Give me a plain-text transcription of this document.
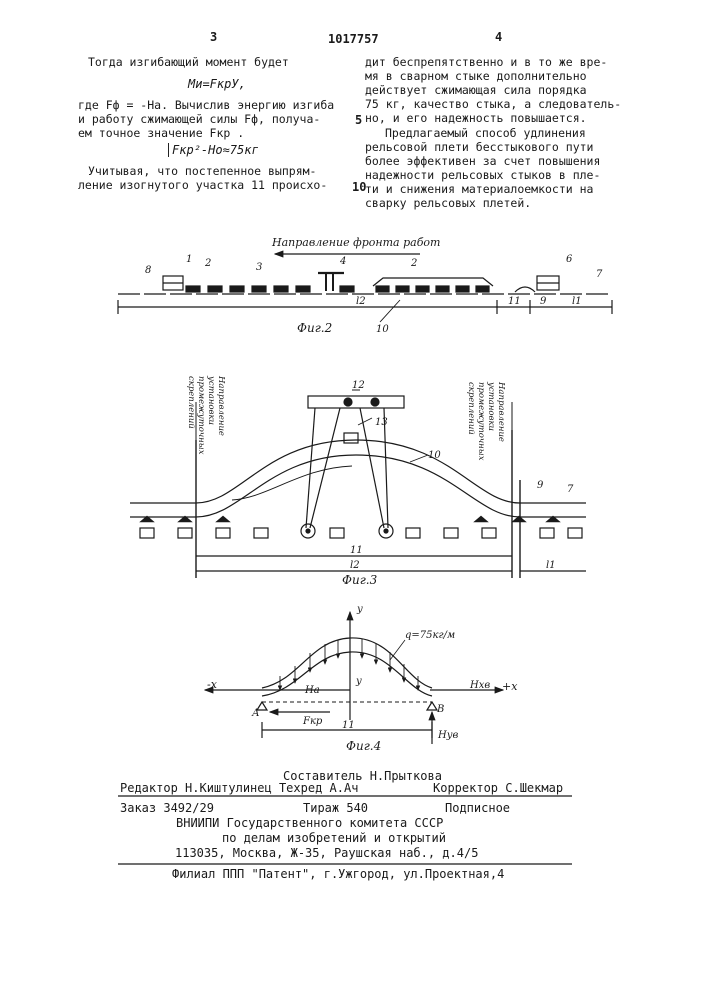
3	1017757	4
Тогда изгибающий момент будет
Mи=FкрУ,
где Fф = -На. Вычислив энергию изгиба
и работу сжимающей силы Fф, получа-
ем точное значение Fкр .
Fкр²-Hо≈75кг
Учитывая, что постепенное выпрям-
ление изогнутого участка 11 происхо-
5
10
дит беспрепятственно и в то же вре-
мя в сварном стыке дополнительно
действует сжимающая сила порядка
75 кг, качество стыка, а следователь-
но, и его надежность повышается.
Предлагаемый способ удлинения
рельсовой плети бесстыкового пути
более эффективен за счет повышения
надежности рельсовых стыков в пле-
ти и снижения материалоемкости на
сварку рельсовых плетей.
Направление фронта работ
8
1 2	3
4	2	6
7
11 9	l1
l2
10
Фиг.2
12
13
10
9 7
11
l2	l1
Фиг.3
y
q=75кг/м
-x	+x
у
На	Нхв
А	В
Fкр 11
Нув
Фиг.4
Направление
установки
промежуточных
скреплений	Направление
установки
промежуточных
скреплений
Составитель Н.Прыткова
Редактор Н.Киштулинец Техред А.Ач	Корректор С.Шекмар
Заказ 3492/29	Тираж 540	Подписное
ВНИИПИ Государственного комитета СССР
по делам изобретений и открытий
113035, Москва, Ж-35, Раушская наб., д.4/5
Филиал ППП "Патент", г.Ужгород, ул.Проектная,4
